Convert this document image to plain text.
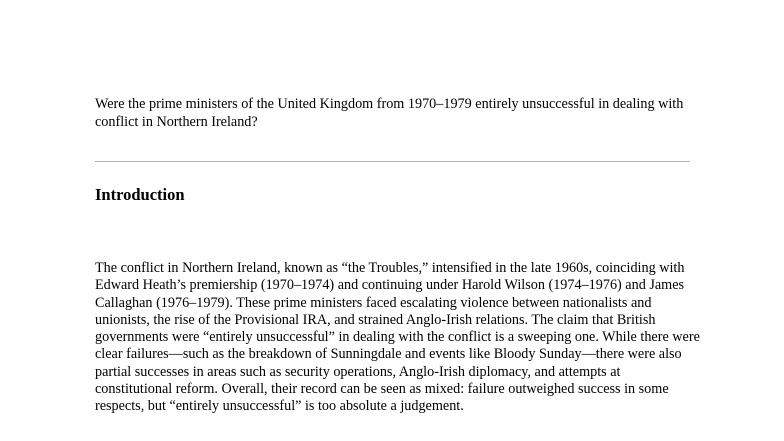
Were the prime ministers of the United Kingdom from 1970–1979 entirely unsuccessful in dealing with conflict in Northern Ireland?

Introduction

The conflict in Northern Ireland, known as “the Troubles,” intensified in the late 1960s, coinciding with Edward Heath’s premiership (1970–1974) and continuing under Harold Wilson (1974–1976) and James Callaghan (1976–1979). These prime ministers faced escalating violence between nationalists and unionists, the rise of the Provisional IRA, and strained Anglo-Irish relations. The claim that British governments were “entirely unsuccessful” in dealing with the conflict is a sweeping one. While there were clear failures—such as the breakdown of Sunningdale and events like Bloody Sunday—there were also partial successes in areas such as security operations, Anglo-Irish diplomacy, and attempts at constitutional reform. Overall, their record can be seen as mixed: failure outweighed success in some respects, but “entirely unsuccessful” is too absolute a judgement.
